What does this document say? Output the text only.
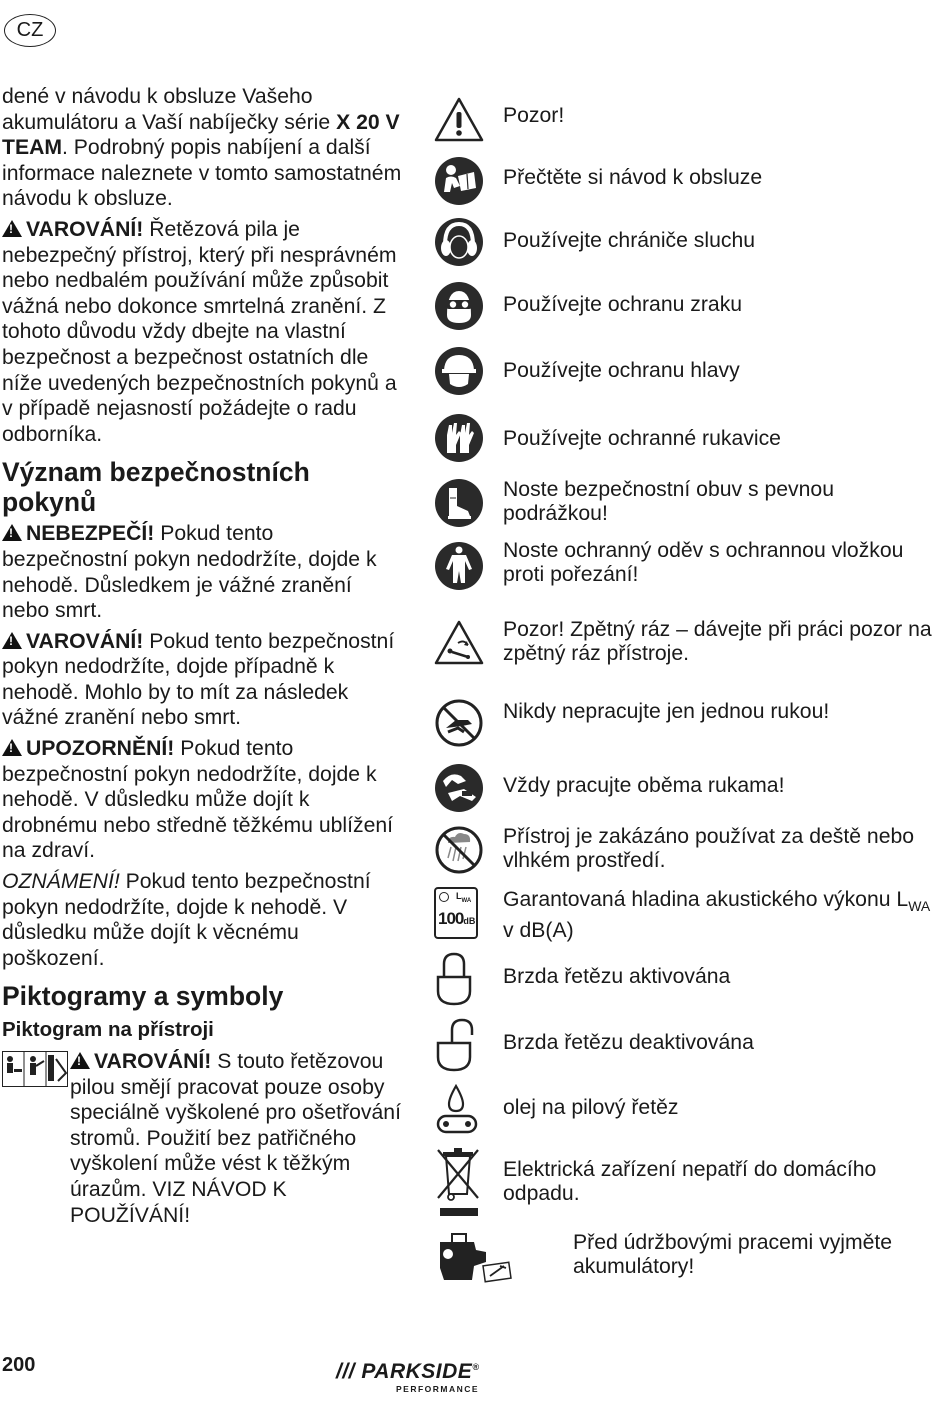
CZ

dené v návodu k obsluze Vašeho akumulátoru a Vaší nabíječky série X 20 V TEAM. Podrobný popis nabíjení a další informace naleznete v tomto samostatném návodu k obsluze.

!VAROVÁNÍ! Řetězová pila je nebezpečný přístroj, který při nesprávném nebo nedbalém používání může způsobit vážná nebo dokonce smrtelná zranění. Z tohoto důvodu vždy dbejte na vlastní bezpečnost a bezpečnost ostatních dle níže uvedených bezpečnostních pokynů a v případě nejasností požádejte o radu odborníka.

Význam bezpečnostních pokynů

!NEBEZPEČÍ! Pokud tento bezpečnostní pokyn nedodržíte, dojde k nehodě. Důsledkem je vážné zranění nebo smrt.

!VAROVÁNÍ! Pokud tento bezpečnostní pokyn nedodržíte, dojde případně k nehodě. Mohlo by to mít za následek vážné zranění nebo smrt.

!UPOZORNĚNÍ! Pokud tento bezpečnostní pokyn nedodržíte, dojde k nehodě. V důsledku může dojít k drobnému nebo středně těžkému ublížení na zdraví.

OZNÁMENÍ! Pokud tento bezpečnostní pokyn nedodržíte, dojde k nehodě. V důsledku může dojít k věcnému poškození.

Piktogramy a symboly
Piktogram na přístroji
!VAROVÁNÍ! S touto řetězovou pilou smějí pracovat pouze osoby speciálně vyškolené pro ošetřování stromů. Použití bez patřičného vyškolení může vést k těžkým úrazům. VIZ NÁVOD K POUŽÍVÁNÍ!
Pozor!
Přečtěte si návod k obsluze
Používejte chrániče sluchu
Používejte ochranu zraku
Používejte ochranu hlavy
Používejte ochranné rukavice
Noste bezpečnostní obuv s pevnou podrážkou!
Noste ochranný oděv s ochrannou vložkou proti pořezání!
Pozor! Zpětný ráz – dávejte při práci pozor na zpětný ráz přístroje.
Nikdy nepracujte jen jednou rukou!
Vždy pracujte oběma rukama!
Přístroj je zakázáno používat za deště nebo vlhkém prostředí.
$L_{WA}$
100dB
Garantovaná hladina akustického výkonu $L_{WA}$ v dB(A)
Brzda řetězu aktivována
Brzda řetězu deaktivována
olej na pilový řetěz
Elektrická zařízení nepatří do domácího odpadu.
Před údržbovými pracemi vyjměte akumulátory!
200	/// PARKSIDE®
PERFORMANCE
